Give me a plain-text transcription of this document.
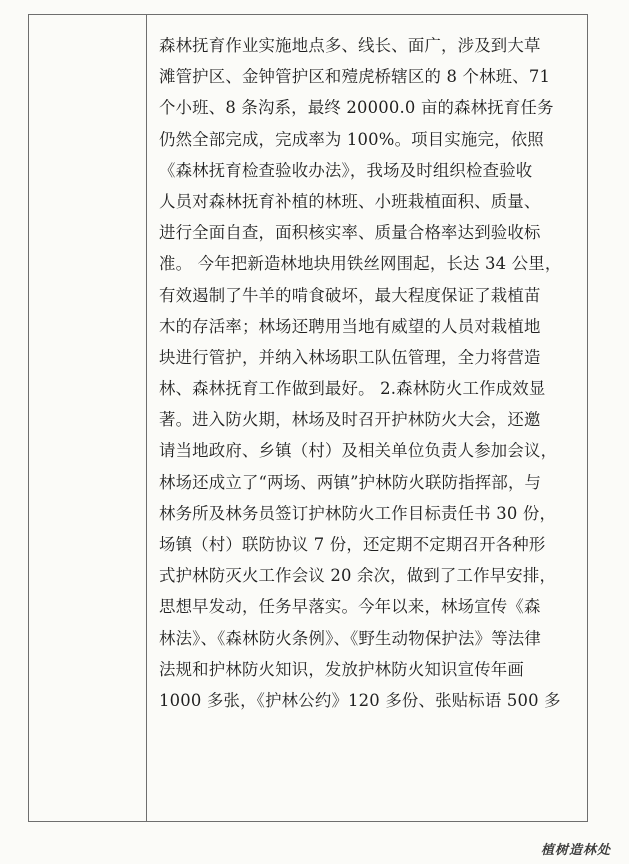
森林抚育作业实施地点多、线长、面广，涉及到大草
滩管护区、金钟管护区和殪虎桥辖区的 8 个林班、71
个小班、8 条沟系，最终 20000.0 亩的森林抚育任务
仍然全部完成，完成率为 100%。项目实施完，依照
《森林抚育检查验收办法》，我场及时组织检查验收
人员对森林抚育补植的林班、小班栽植面积、质量、
进行全面自查，面积核实率、质量合格率达到验收标
准。 今年把新造林地块用铁丝网围起，长达 34 公里，
有效遏制了牛羊的啃食破坏，最大程度保证了栽植苗
木的存活率；林场还聘用当地有威望的人员对栽植地
块进行管护，并纳入林场职工队伍管理，全力将营造
林、森林抚育工作做到最好。 2.森林防火工作成效显
著。进入防火期，林场及时召开护林防火大会，还邀
请当地政府、乡镇（村）及相关单位负责人参加会议，
林场还成立了“两场、两镇”护林防火联防指挥部，与
林务所及林务员签订护林防火工作目标责任书 30 份，
场镇（村）联防协议 7 份，还定期不定期召开各种形
式护林防灭火工作会议 20 余次，做到了工作早安排，
思想早发动，任务早落实。今年以来，林场宣传《森
林法》、《森林防火条例》、《野生动物保护法》等法律
法规和护林防火知识，发放护林防火知识宣传年画
1000 多张，《护林公约》120 多份、张贴标语 500 多
植树造林处
